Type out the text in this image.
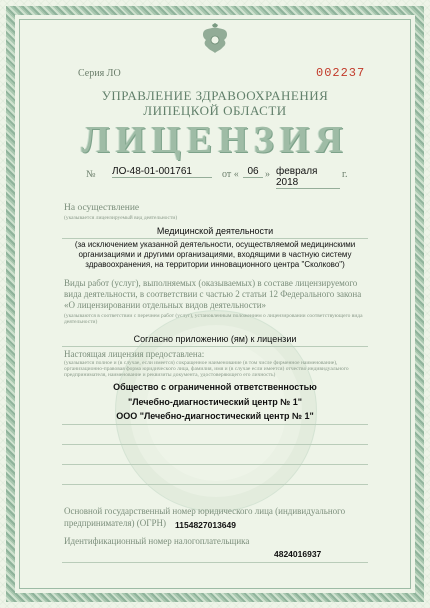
Серия ЛО	002237
УПРАВЛЕНИЕ ЗДРАВООХРАНЕНИЯ
ЛИПЕЦКОЙ ОБЛАСТИ
ЛИЦЕНЗИЯ
№ ЛО-48-01-001761	от « 06 » февраля 2018
г.
На осуществление
(указывается лицензируемый вид деятельности)
Медицинской деятельности
(за исключением указанной деятельности, осуществляемой медицинскими организациями и другими организациями, входящими в частную систему здравоохранения, на территории инновационного центра "Сколково")
Виды работ (услуг), выполняемых (оказываемых) в составе лицензируемого вида деятельности, в соответствии с частью 2 статьи 12 Федерального закона «О лицензировании отдельных видов деятельности»
(указываются в соответствии с перечнем работ (услуг), установленным положением о лицензировании соответствующего вида деятельности)
Согласно приложению (ям) к лицензии
Настоящая лицензия предоставлена:
(указывается полное и (в случае, если имеется) сокращенное наименование (в том числе фирменное наименование), организационно-правовая форма юридического лица, фамилия, имя и (в случае если имеется) отчество индивидуального предпринимателя, наименование и реквизиты документа, удостоверяющего его личность)
Общество с ограниченной ответственностью
"Лечебно-диагностический центр № 1"
ООО "Лечебно-диагностический центр № 1"
Основной государственный номер юридического лица (индивидуального предпринимателя) (ОГРН)	1154827013649
Идентификационный номер налогоплательщика
4824016937
